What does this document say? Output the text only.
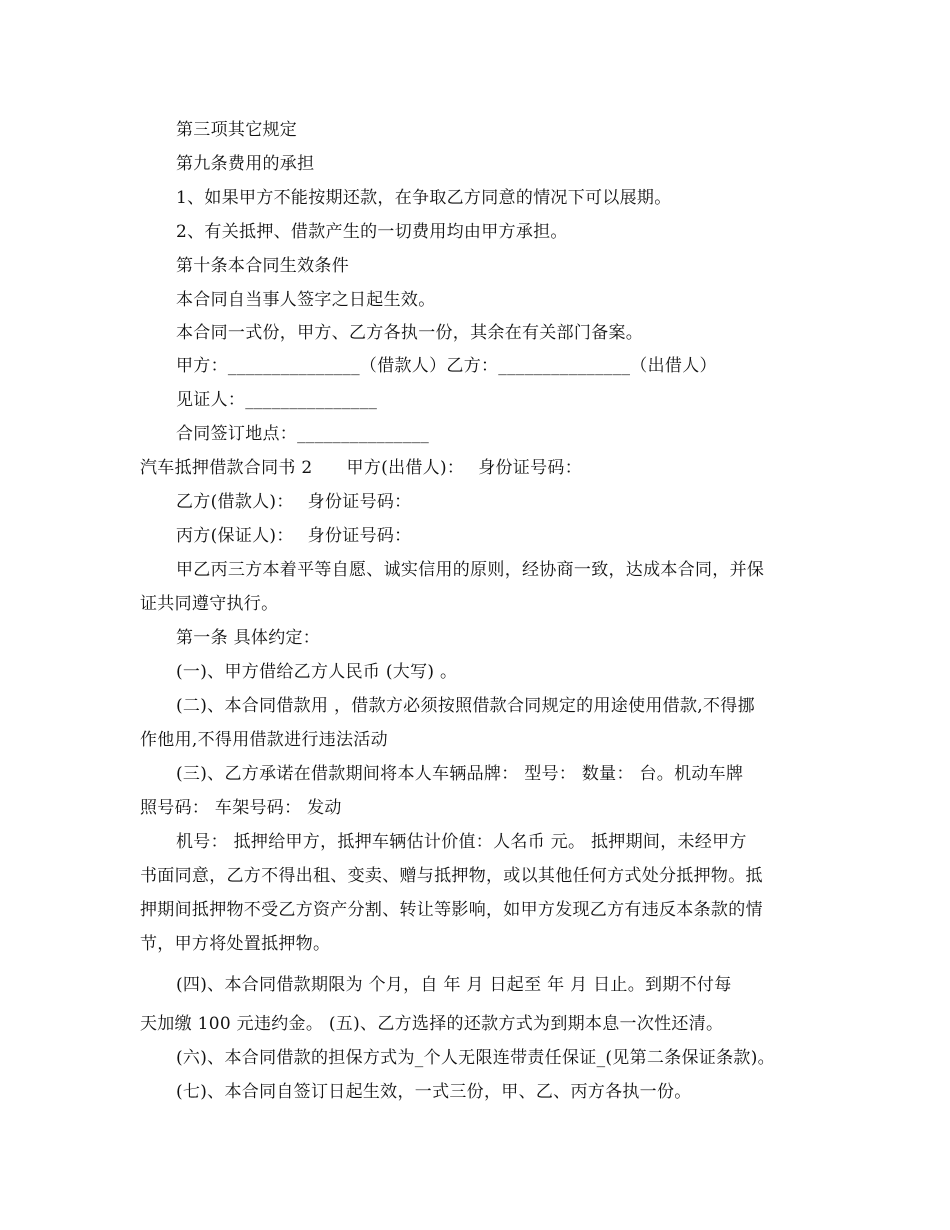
第三项其它规定
第九条费用的承担
1、如果甲方不能按期还款，在争取乙方同意的情况下可以展期。
2、有关抵押、借款产生的一切费用均由甲方承担。
第十条本合同生效条件
本合同自当事人签字之日起生效。
本合同一式份，甲方、乙方各执一份，其余在有关部门备案。
甲方：_______________（借款人）乙方：_______________（出借人）
见证人：_______________
合同签订地点：_______________
汽车抵押借款合同书 2 甲方(出借人)： 身份证号码：
乙方(借款人)： 身份证号码：
丙方(保证人)： 身份证号码：
甲乙丙三方本着平等自愿、诚实信用的原则，经协商一致，达成本合同，并保
证共同遵守执行。
第一条 具体约定：
(一)、甲方借给乙方人民币 (大写) 。
(二)、本合同借款用 ，借款方必须按照借款合同规定的用途使用借款,不得挪
作他用,不得用借款进行违法活动
(三)、乙方承诺在借款期间将本人车辆品牌： 型号： 数量： 台。机动车牌
照号码： 车架号码： 发动
机号： 抵押给甲方，抵押车辆估计价值：人名币 元。 抵押期间，未经甲方
书面同意，乙方不得出租、变卖、赠与抵押物，或以其他任何方式处分抵押物。抵
押期间抵押物不受乙方资产分割、转让等影响，如甲方发现乙方有违反本条款的情
节，甲方将处置抵押物。
(四)、本合同借款期限为 个月，自 年 月 日起至 年 月 日止。到期不付每
天加缴 100 元违约金。 (五)、乙方选择的还款方式为到期本息一次性还清。
(六)、本合同借款的担保方式为_个人无限连带责任保证_(见第二条保证条款)。
(七)、本合同自签订日起生效，一式三份，甲、乙、丙方各执一份。
